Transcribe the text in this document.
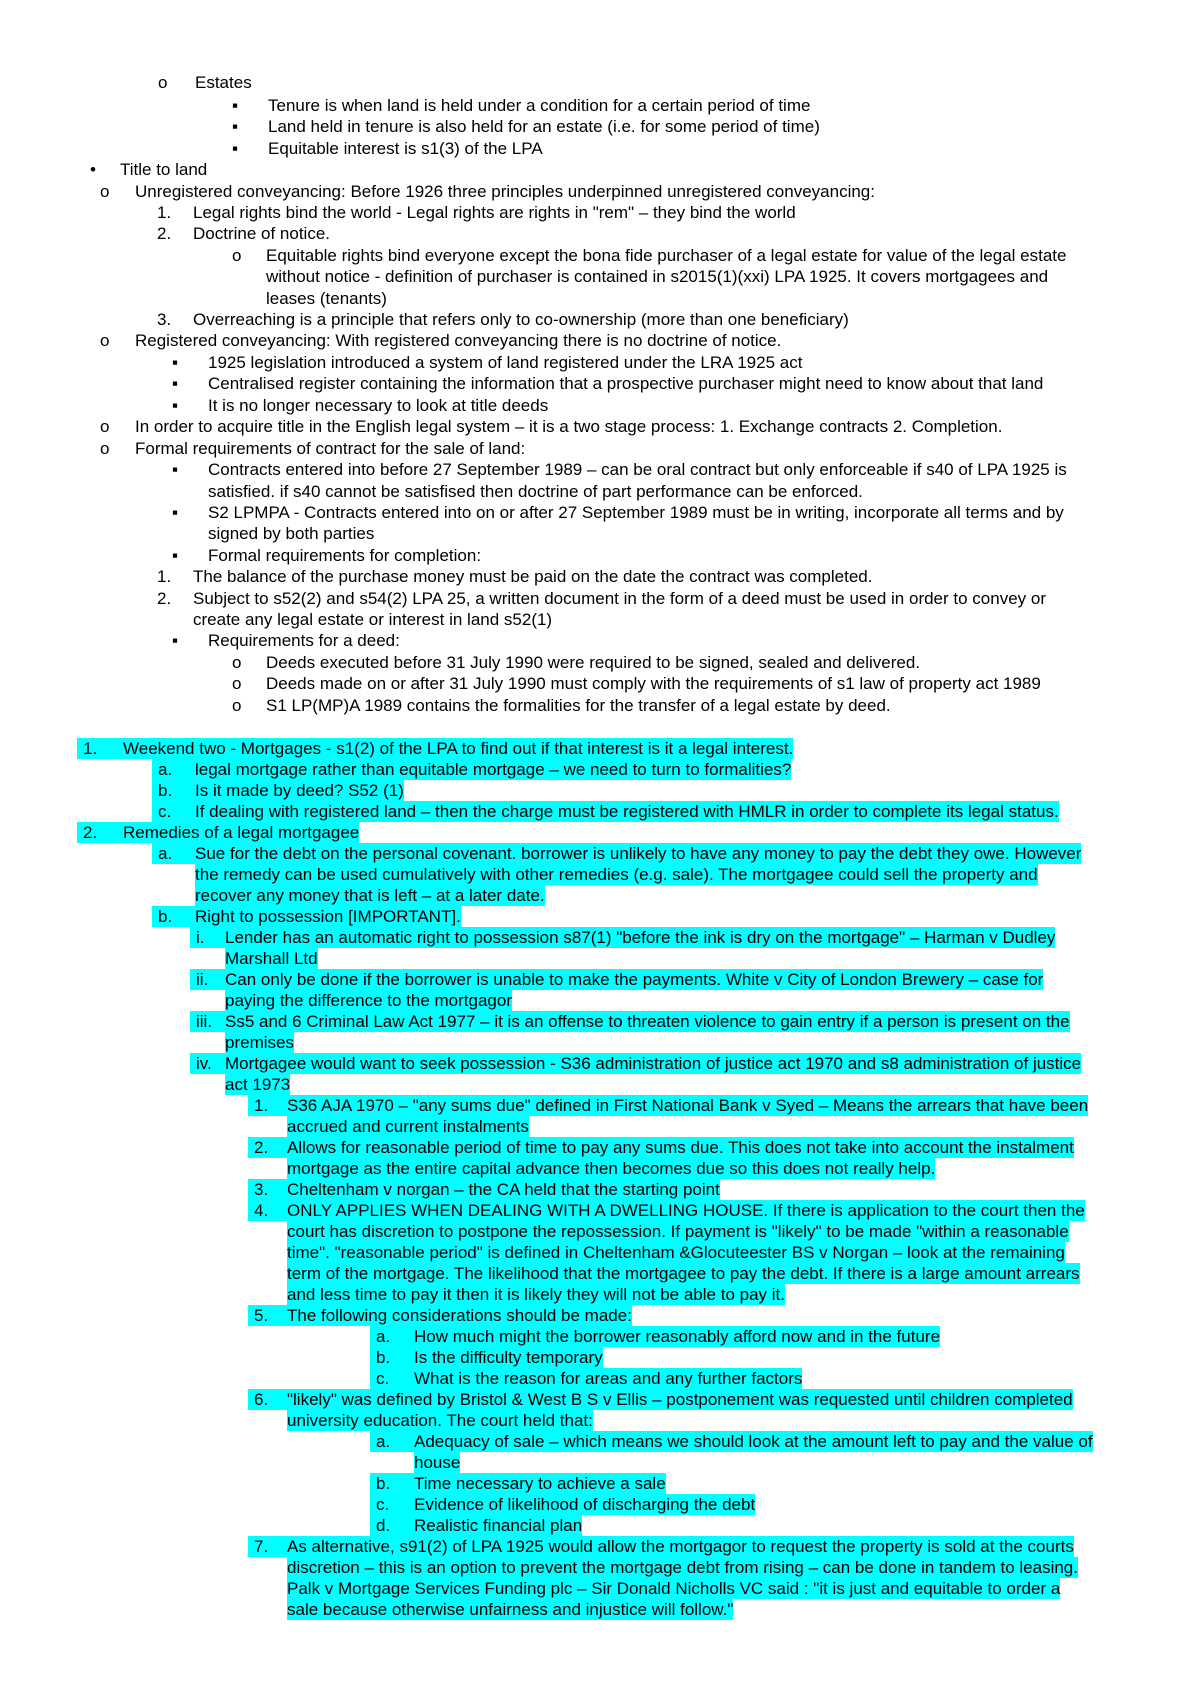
o Estates
▪ Tenure is when land is held under a condition for a certain period of time
▪ Land held in tenure is also held for an estate (i.e. for some period of time)
▪ Equitable interest is s1(3) of the LPA
• Title to land
o Unregistered conveyancing: Before 1926 three principles underpinned unregistered conveyancing:
1. Legal rights bind the world - Legal rights are rights in "rem" – they bind the world
2. Doctrine of notice.
o Equitable rights bind everyone except the bona fide purchaser of a legal estate for value of the legal estate
without notice - definition of purchaser is contained in s2015(1)(xxi) LPA 1925. It covers mortgagees and
leases (tenants)
3. Overreaching is a principle that refers only to co-ownership (more than one beneficiary)
o Registered conveyancing: With registered conveyancing there is no doctrine of notice.
▪ 1925 legislation introduced a system of land registered under the LRA 1925 act
▪ Centralised register containing the information that a prospective purchaser might need to know about that land
▪ It is no longer necessary to look at title deeds
o In order to acquire title in the English legal system – it is a two stage process: 1. Exchange contracts 2. Completion.
o Formal requirements of contract for the sale of land:
▪ Contracts entered into before 27 September 1989 – can be oral contract but only enforceable if s40 of LPA 1925 is
satisfied. if s40 cannot be satisfised then doctrine of part performance can be enforced.
▪ S2 LPMPA - Contracts entered into on or after 27 September 1989 must be in writing, incorporate all terms and by
signed by both parties
▪ Formal requirements for completion:
1. The balance of the purchase money must be paid on the date the contract was completed.
2. Subject to s52(2) and s54(2) LPA 25, a written document in the form of a deed must be used in order to convey or
create any legal estate or interest in land s52(1)
▪ Requirements for a deed:
o Deeds executed before 31 July 1990 were required to be signed, sealed and delivered.
o Deeds made on or after 31 July 1990 must comply with the requirements of s1 law of property act 1989
o S1 LP(MP)A 1989 contains the formalities for the transfer of a legal estate by deed.
1.	Weekend two - Mortgages - s1(2) of the LPA to find out if that interest is it a legal interest.
a.	legal mortgage rather than equitable mortgage – we need to turn to formalities?
b.	Is it made by deed? S52 (1)
c.	If dealing with registered land – then the charge must be registered with HMLR in order to complete its legal status.
2.	Remedies of a legal mortgagee
a.	Sue for the debt on the personal covenant. borrower is unlikely to have any money to pay the debt they owe. However
the remedy can be used cumulatively with other remedies (e.g. sale). The mortgagee could sell the property and
recover any money that is left – at a later date.
b.	Right to possession [IMPORTANT].
i.	Lender has an automatic right to possession s87(1) "before the ink is dry on the mortgage" – Harman v Dudley
Marshall Ltd
ii. Can only be done if the borrower is unable to make the payments. White v City of London Brewery – case for
paying the difference to the mortgagor
iii. Ss5 and 6 Criminal Law Act 1977 – it is an offense to threaten violence to gain entry if a person is present on the
premises
iv. Mortgagee would want to seek possession - S36 administration of justice act 1970 and s8 administration of justice
act 1973
1.	S36 AJA 1970 – "any sums due" defined in First National Bank v Syed – Means the arrears that have been
accrued and current instalments
2.	Allows for reasonable period of time to pay any sums due. This does not take into account the instalment
mortgage as the entire capital advance then becomes due so this does not really help.
3.	Cheltenham v norgan – the CA held that the starting point
4.	ONLY APPLIES WHEN DEALING WITH A DWELLING HOUSE. If there is application to the court then the
court has discretion to postpone the repossession. If payment is "likely" to be made "within a reasonable
time". "reasonable period" is defined in Cheltenham &Glocuteester BS v Norgan – look at the remaining
term of the mortgage. The likelihood that the mortgagee to pay the debt. If there is a large amount arrears
and less time to pay it then it is likely they will not be able to pay it.
5.	The following considerations should be made:
a.	How much might the borrower reasonably afford now and in the future
b.	Is the difficulty temporary
c.	What is the reason for areas and any further factors
6.	"likely" was defined by Bristol & West B S v Ellis – postponement was requested until children completed
university education. The court held that:
a.	Adequacy of sale – which means we should look at the amount left to pay and the value of
house
b.	Time necessary to achieve a sale
c.	Evidence of likelihood of discharging the debt
d.	Realistic financial plan
7.	As alternative, s91(2) of LPA 1925 would allow the mortgagor to request the property is sold at the courts
discretion – this is an option to prevent the mortgage debt from rising – can be done in tandem to leasing.
Palk v Mortgage Services Funding plc – Sir Donald Nicholls VC said : "it is just and equitable to order a
sale because otherwise unfairness and injustice will follow."
